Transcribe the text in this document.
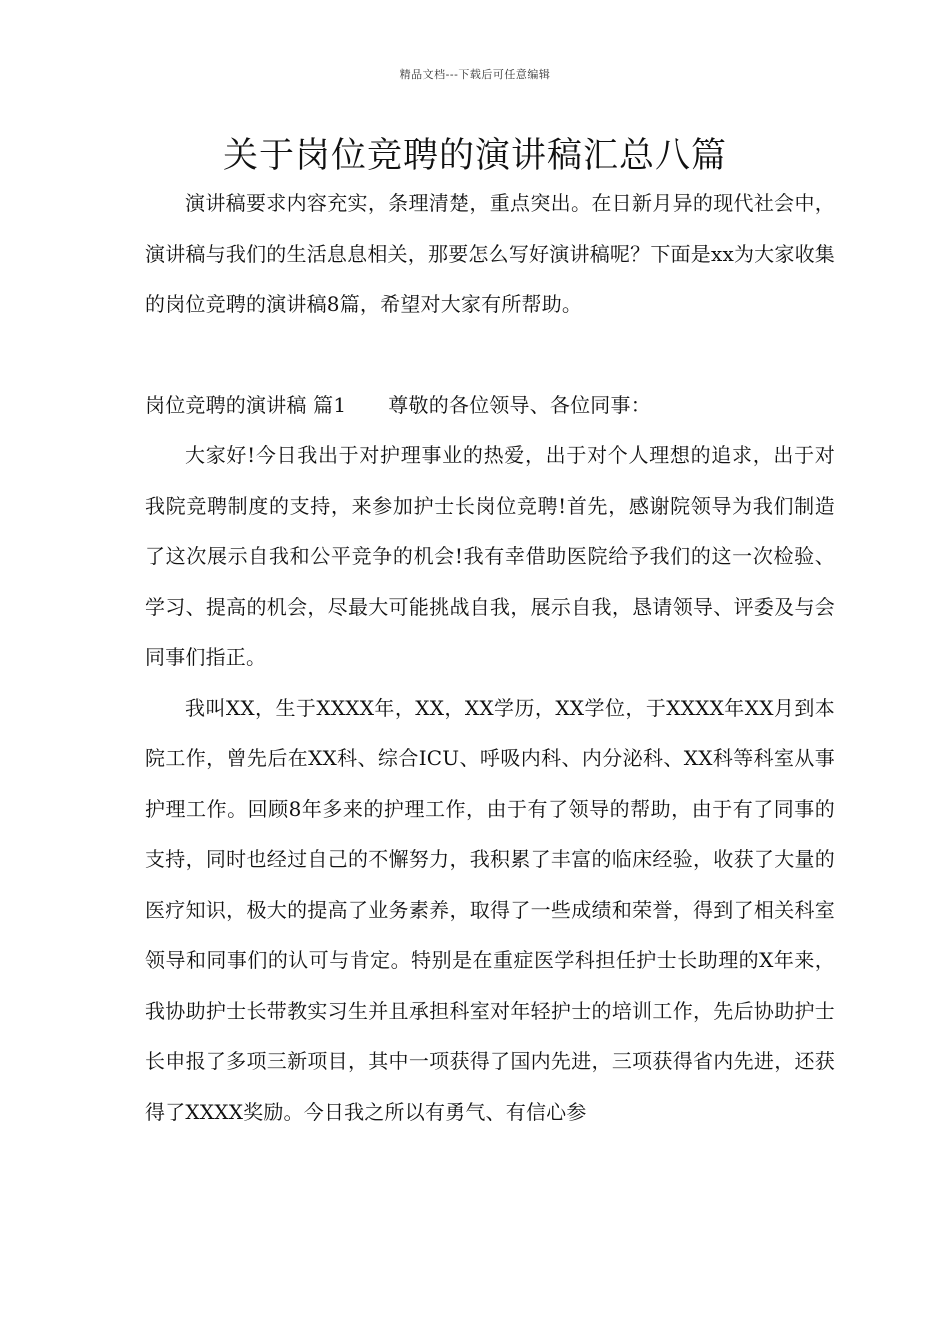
精品文档---下载后可任意编辑
关于岗位竞聘的演讲稿汇总八篇

演讲稿要求内容充实，条理清楚，重点突出。在日新月异的现代社会中，演讲稿与我们的生活息息相关，那要怎么写好演讲稿呢？下面是xx为大家收集的岗位竞聘的演讲稿8篇，希望对大家有所帮助。

岗位竞聘的演讲稿 篇1 尊敬的各位领导、各位同事：

大家好!今日我出于对护理事业的热爱，出于对个人理想的追求，出于对我院竞聘制度的支持，来参加护士长岗位竞聘!首先，感谢院领导为我们制造了这次展示自我和公平竞争的机会!我有幸借助医院给予我们的这一次检验、学习、提高的机会，尽最大可能挑战自我，展示自我，恳请领导、评委及与会同事们指正。

我叫XX，生于XXXX年，XX，XX学历，XX学位，于XXXX年XX月到本院工作，曾先后在XX科、综合ICU、呼吸内科、内分泌科、XX科等科室从事护理工作。回顾8年多来的护理工作，由于有了领导的帮助，由于有了同事的支持，同时也经过自己的不懈努力，我积累了丰富的临床经验，收获了大量的医疗知识，极大的提高了业务素养，取得了一些成绩和荣誉，得到了相关科室领导和同事们的认可与肯定。特别是在重症医学科担任护士长助理的X年来，我协助护士长带教实习生并且承担科室对年轻护士的培训工作，先后协助护士长申报了多项三新项目，其中一项获得了国内先进，三项获得省内先进，还获得了XXXX奖励。今日我之所以有勇气、有信心参
